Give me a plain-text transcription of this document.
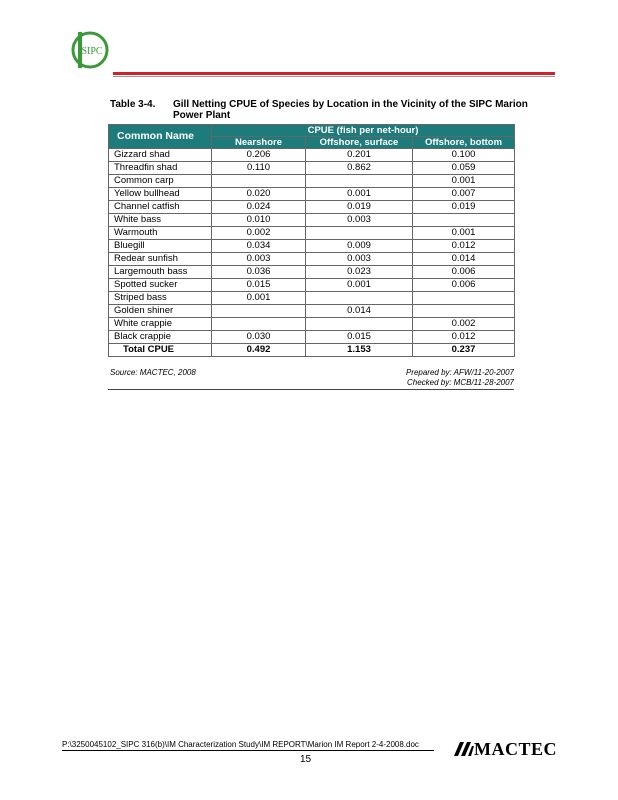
SIPC
Table 3-4. Gill Netting CPUE of Species by Location in the Vicinity of the SIPC Marion Power Plant
Common Name	CPUE (fish per net-hour)		
	Nearshore	Offshore, surface	Offshore, bottom
Gizzard shad	0.206	0.201	0.100
Threadfin shad	0.110	0.862	0.059
Common carp			0.001
Yellow bullhead	0.020	0.001	0.007
Channel catfish	0.024	0.019	0.019
White bass	0.010	0.003	
Warmouth	0.002		0.001
Bluegill	0.034	0.009	0.012
Redear sunfish	0.003	0.003	0.014
Largemouth bass	0.036	0.023	0.006
Spotted sucker	0.015	0.001	0.006
Striped bass	0.001		
Golden shiner		0.014	
White crappie			0.002
Black crappie	0.030	0.015	0.012
Total CPUE	0.492	1.153	0.237
Source: MACTEC, 2008	Prepared by: AFW/11-20-2007
Checked by: MCB/11-28-2007
P:\3250045102_SIPC 316(b)\IM Characterization Study\IM REPORT\Marion IM Report 2-4-2008.doc
15
MACTEC
